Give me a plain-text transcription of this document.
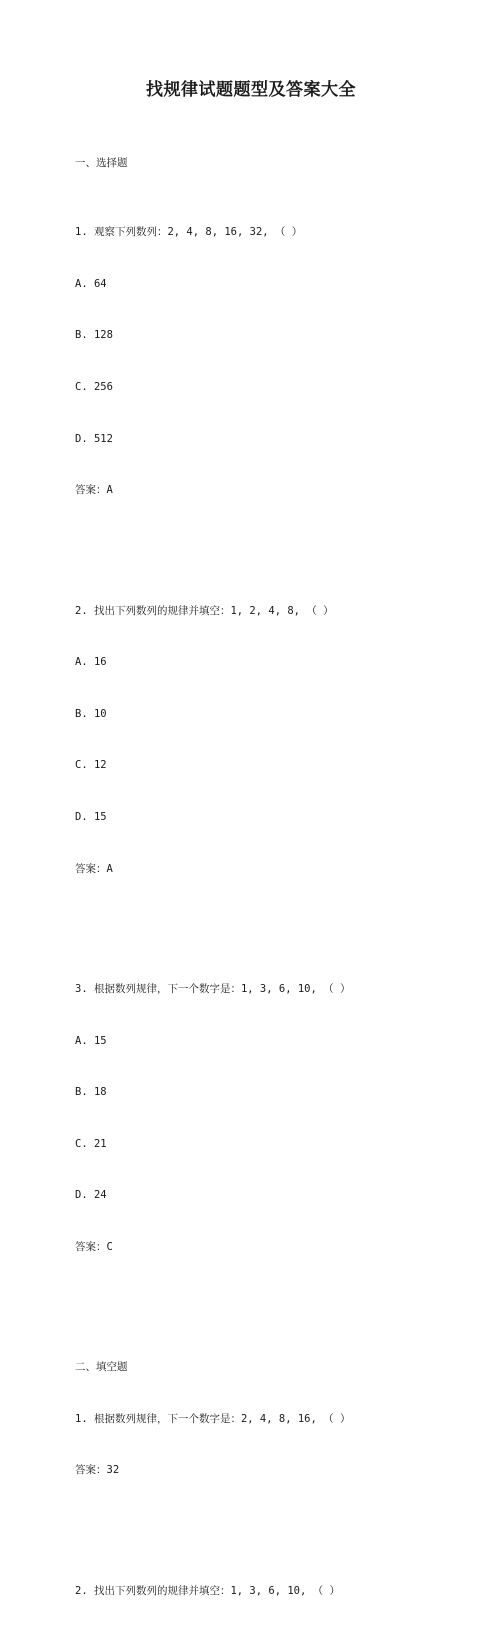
找规律试题题型及答案大全

一、选择题

1. 观察下列数列：2, 4, 8, 16, 32, （ ）

A. 64

B. 128

C. 256

D. 512

答案：A

2. 找出下列数列的规律并填空：1, 2, 4, 8, （ ）

A. 16

B. 10

C. 12

D. 15

答案：A

3. 根据数列规律，下一个数字是：1, 3, 6, 10, （ ）

A. 15

B. 18

C. 21

D. 24

答案：C

二、填空题

1. 根据数列规律，下一个数字是：2, 4, 8, 16, （ ）

答案：32

2. 找出下列数列的规律并填空：1, 3, 6, 10, （ ）
